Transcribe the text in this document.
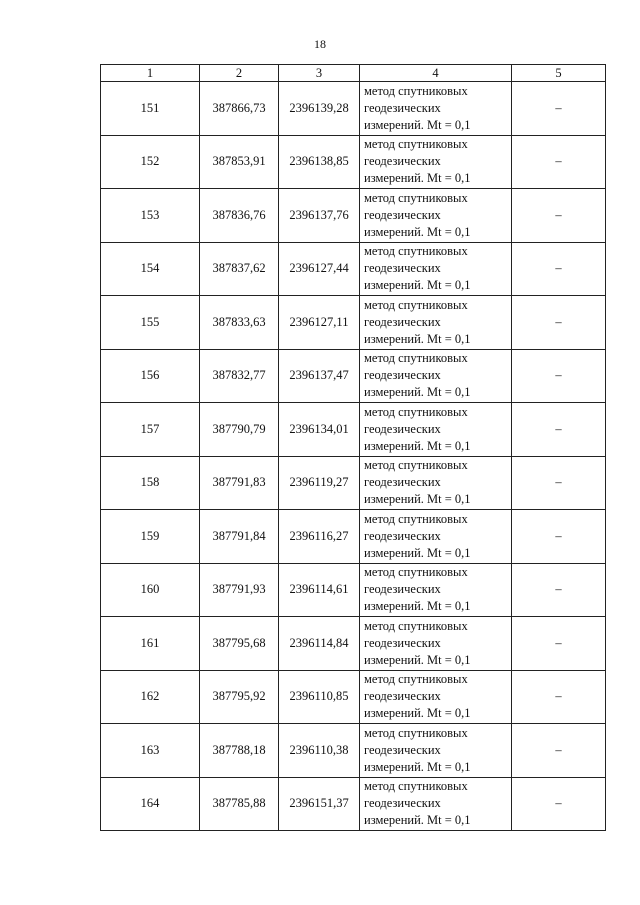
18
1	2	3	4	5
151	387866,73	2396139,28	метод спутниковых
геодезических
измерений. Mt = 0,1	–
152	387853,91	2396138,85	метод спутниковых
геодезических
измерений. Mt = 0,1	–
153	387836,76	2396137,76	метод спутниковых
геодезических
измерений. Mt = 0,1	–
154	387837,62	2396127,44	метод спутниковых
геодезических
измерений. Mt = 0,1	–
155	387833,63	2396127,11	метод спутниковых
геодезических
измерений. Mt = 0,1	–
156	387832,77	2396137,47	метод спутниковых
геодезических
измерений. Mt = 0,1	–
157	387790,79	2396134,01	метод спутниковых
геодезических
измерений. Mt = 0,1	–
158	387791,83	2396119,27	метод спутниковых
геодезических
измерений. Mt = 0,1	–
159	387791,84	2396116,27	метод спутниковых
геодезических
измерений. Mt = 0,1	–
160	387791,93	2396114,61	метод спутниковых
геодезических
измерений. Mt = 0,1	–
161	387795,68	2396114,84	метод спутниковых
геодезических
измерений. Mt = 0,1	–
162	387795,92	2396110,85	метод спутниковых
геодезических
измерений. Mt = 0,1	–
163	387788,18	2396110,38	метод спутниковых
геодезических
измерений. Mt = 0,1	–
164	387785,88	2396151,37	метод спутниковых
геодезических
измерений. Mt = 0,1	–
